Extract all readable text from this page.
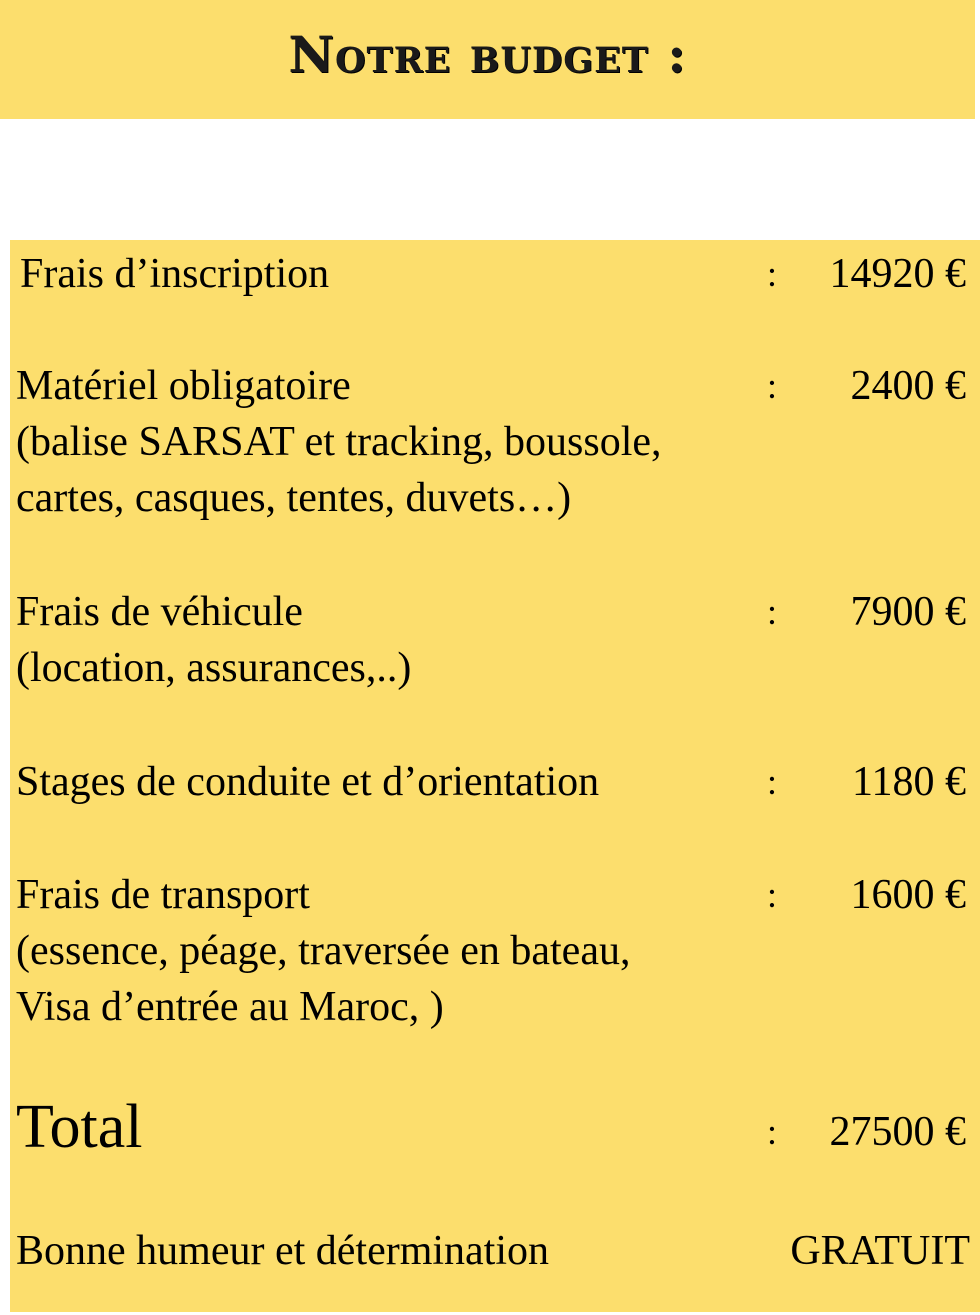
Notre budget :
Frais d’inscription	: 14920 €
Matériel obligatoire	: 2400 €
(balise SARSAT et tracking, boussole,
cartes, casques, tentes, duvets…)
Frais de véhicule	: 7900 €
(location, assurances,..)
Stages de conduite et d’orientation	: 1180 €
Frais de transport	: 1600 €
(essence, péage, traversée en bateau,
Visa d’entrée au Maroc, )
Total	: 27500 €
Bonne humeur et détermination	GRATUIT
